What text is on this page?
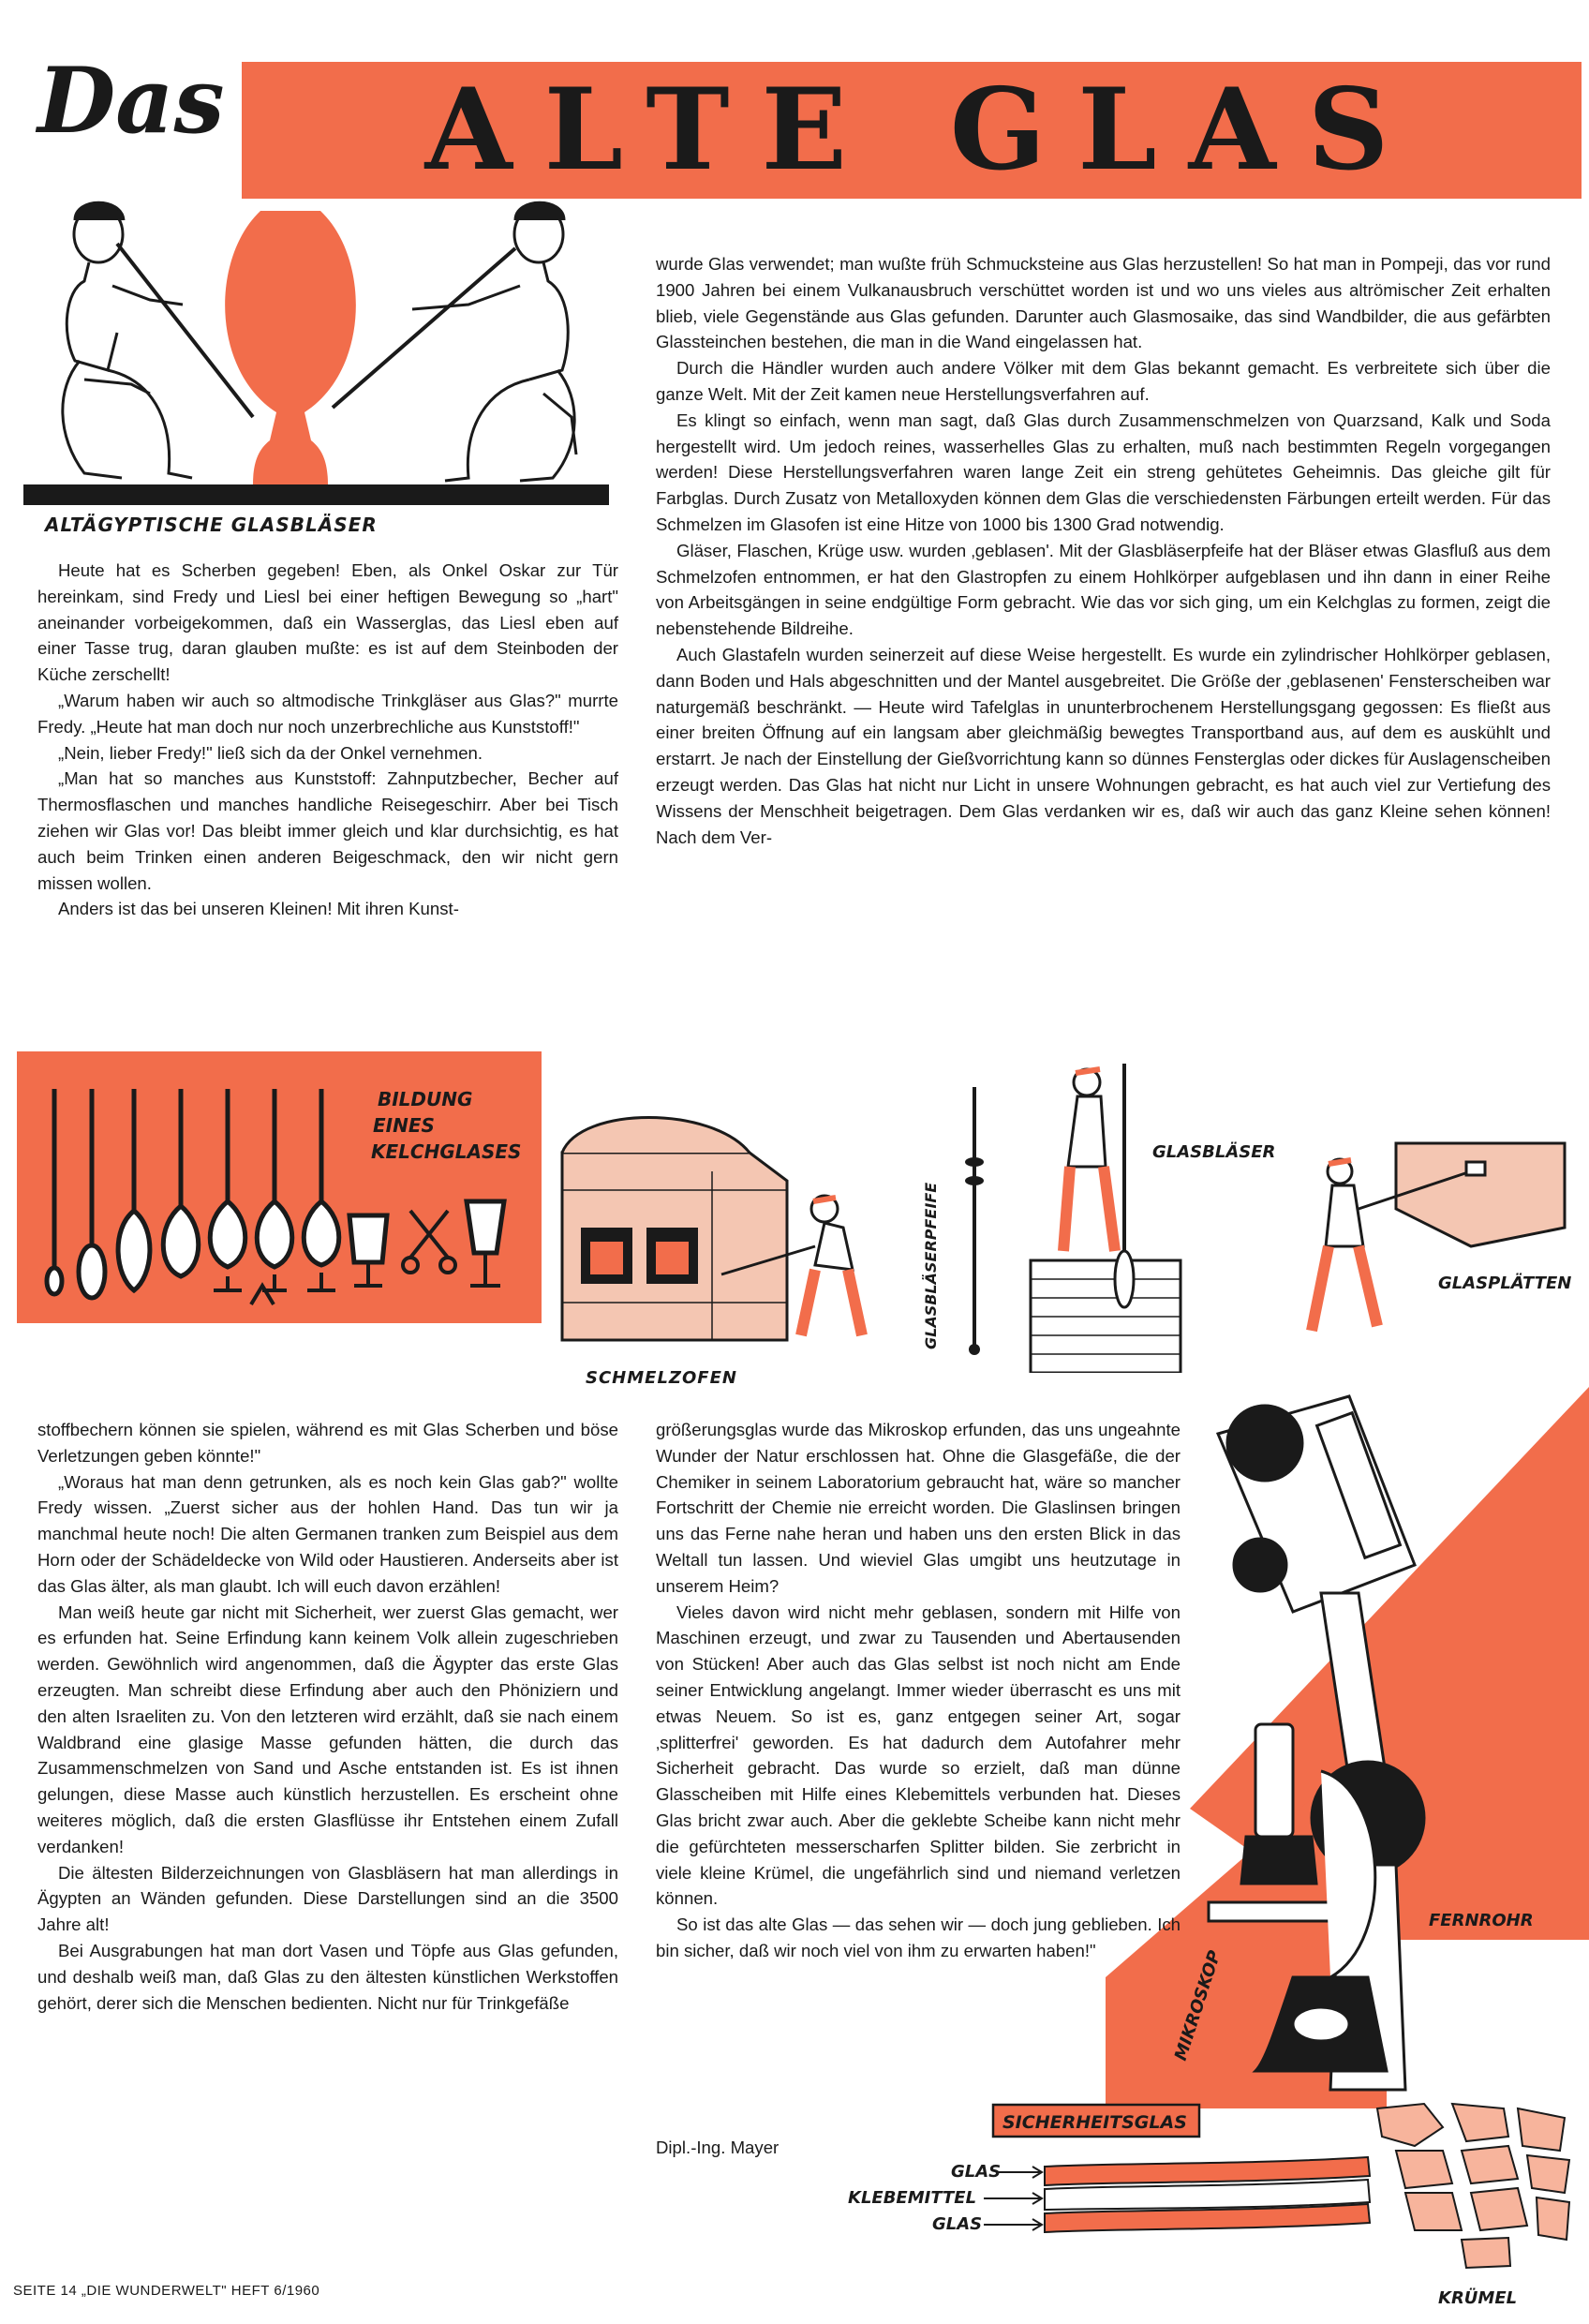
Das	ALTE GLAS
ALTÄGYPTISCHE GLASBLÄSER

Heute hat es Scherben gegeben! Eben, als Onkel Oskar zur Tür hereinkam, sind Fredy und Liesl bei einer heftigen Bewegung so „hart" aneinander vorbeigekommen, daß ein Wasserglas, das Liesl eben auf einer Tasse trug, daran glauben mußte: es ist auf dem Steinboden der Küche zerschellt!

„Warum haben wir auch so altmodische Trinkgläser aus Glas?" murrte Fredy. „Heute hat man doch nur noch unzerbrechliche aus Kunststoff!"

„Nein, lieber Fredy!" ließ sich da der Onkel vernehmen.

„Man hat so manches aus Kunststoff: Zahnputzbecher, Becher auf Thermosflaschen und manches handliche Reisegeschirr. Aber bei Tisch ziehen wir Glas vor! Das bleibt immer gleich und klar durchsichtig, es hat auch beim Trinken einen anderen Beigeschmack, den wir nicht gern missen wollen.

Anders ist das bei unseren Kleinen! Mit ihren Kunst-

wurde Glas verwendet; man wußte früh Schmucksteine aus Glas herzustellen! So hat man in Pompeji, das vor rund 1900 Jahren bei einem Vulkanausbruch verschüttet worden ist und wo uns vieles aus altrömischer Zeit erhalten blieb, viele Gegenstände aus Glas gefunden. Darunter auch Glasmosaike, das sind Wandbilder, die aus gefärbten Glassteinchen bestehen, die man in die Wand eingelassen hat.

Durch die Händler wurden auch andere Völker mit dem Glas bekannt gemacht. Es verbreitete sich über die ganze Welt. Mit der Zeit kamen neue Herstellungsverfahren auf.

Es klingt so einfach, wenn man sagt, daß Glas durch Zusammenschmelzen von Quarzsand, Kalk und Soda hergestellt wird. Um jedoch reines, wasserhelles Glas zu erhalten, muß nach bestimmten Regeln vorgegangen werden! Diese Herstellungsverfahren waren lange Zeit ein streng gehütetes Geheimnis. Das gleiche gilt für Farbglas. Durch Zusatz von Metalloxyden können dem Glas die verschiedensten Färbungen erteilt werden. Für das Schmelzen im Glasofen ist eine Hitze von 1000 bis 1300 Grad notwendig.

Gläser, Flaschen, Krüge usw. wurden ‚geblasen'. Mit der Glasbläserpfeife hat der Bläser etwas Glasfluß aus dem Schmelzofen entnommen, er hat den Glastropfen zu einem Hohlkörper aufgeblasen und ihn dann in einer Reihe von Arbeitsgängen in seine endgültige Form gebracht. Wie das vor sich ging, um ein Kelchglas zu formen, zeigt die nebenstehende Bildreihe.

Auch Glastafeln wurden seinerzeit auf diese Weise hergestellt. Es wurde ein zylindrischer Hohlkörper geblasen, dann Boden und Hals abgeschnitten und der Mantel ausgebreitet. Die Größe der ‚geblasenen' Fensterscheiben war naturgemäß beschränkt. — Heute wird Tafelglas in ununterbrochenem Herstellungsgang gegossen: Es fließt aus einer breiten Öffnung auf ein langsam aber gleichmäßig bewegtes Transportband aus, auf dem es auskühlt und erstarrt. Je nach der Einstellung der Gießvorrichtung kann so dünnes Fensterglas oder dickes für Auslagenscheiben erzeugt werden. Das Glas hat nicht nur Licht in unsere Wohnungen gebracht, es hat auch viel zur Vertiefung des Wissens der Menschheit beigetragen. Dem Glas verdanken wir es, daß wir auch das ganz Kleine sehen können! Nach dem Ver-

BILDUNG
EINES
KELCHGLASES
SCHMELZOFEN
GLASBLÄSERPFEIFE
GLASBLÄSER
GLASPLÄTTEN

stoffbechern können sie spielen, während es mit Glas Scherben und böse Verletzungen geben könnte!"

„Woraus hat man denn getrunken, als es noch kein Glas gab?" wollte Fredy wissen. „Zuerst sicher aus der hohlen Hand. Das tun wir ja manchmal heute noch! Die alten Germanen tranken zum Beispiel aus dem Horn oder der Schädeldecke von Wild oder Haustieren. Anderseits aber ist das Glas älter, als man glaubt. Ich will euch davon erzählen!

Man weiß heute gar nicht mit Sicherheit, wer zuerst Glas gemacht, wer es erfunden hat. Seine Erfindung kann keinem Volk allein zugeschrieben werden. Gewöhnlich wird angenommen, daß die Ägypter das erste Glas erzeugten. Man schreibt diese Erfindung aber auch den Phöniziern und den alten Israeliten zu. Von den letzteren wird erzählt, daß sie nach einem Waldbrand eine glasige Masse gefunden hätten, die durch das Zusammenschmelzen von Sand und Asche entstanden ist. Es ist ihnen gelungen, diese Masse auch künstlich herzustellen. Es erscheint ohne weiteres möglich, daß die ersten Glasflüsse ihr Entstehen einem Zufall verdanken!

Die ältesten Bilderzeichnungen von Glasbläsern hat man allerdings in Ägypten an Wänden gefunden. Diese Darstellungen sind an die 3500 Jahre alt!

Bei Ausgrabungen hat man dort Vasen und Töpfe aus Glas gefunden, und deshalb weiß man, daß Glas zu den ältesten künstlichen Werkstoffen gehört, derer sich die Menschen bedienten. Nicht nur für Trinkgefäße

FERNROHR
MIKROSKOP

größerungsglas wurde das Mikroskop erfunden, das uns ungeahnte Wunder der Natur erschlossen hat. Ohne die Glasgefäße, die der Chemiker in seinem Laboratorium gebraucht hat, wäre so mancher Fortschritt der Chemie nie erreicht worden. Die Glaslinsen bringen uns das Ferne nahe heran und haben uns den ersten Blick in das Weltall tun lassen. Und wieviel Glas umgibt uns heutzutage in unserem Heim?

Vieles davon wird nicht mehr geblasen, sondern mit Hilfe von Maschinen erzeugt, und zwar zu Tausenden und Abertausenden von Stücken! Aber auch das Glas selbst ist noch nicht am Ende seiner Entwicklung angelangt. Immer wieder überrascht es uns mit etwas Neuem. So ist es, ganz entgegen seiner Art, sogar ‚splitterfrei' geworden. Es hat dadurch dem Autofahrer mehr Sicherheit gebracht. Das wurde so erzielt, daß man dünne Glasscheiben mit Hilfe eines Klebemittels verbunden hat. Dieses Glas bricht zwar auch. Aber die geklebte Scheibe kann nicht mehr die gefürchteten messerscharfen Splitter bilden. Sie zerbricht in viele kleine Krümel, die ungefährlich sind und niemand verletzen können.

So ist das alte Glas — das sehen wir — doch jung geblieben. Ich bin sicher, daß wir noch viel von ihm zu erwarten haben!"

Dipl.-Ing. Mayer
SICHERHEITSGLAS
GLAS
KLEBEMITTEL
GLAS
KRÜMEL
SEITE 14 „DIE WUNDERWELT" HEFT 6/1960
